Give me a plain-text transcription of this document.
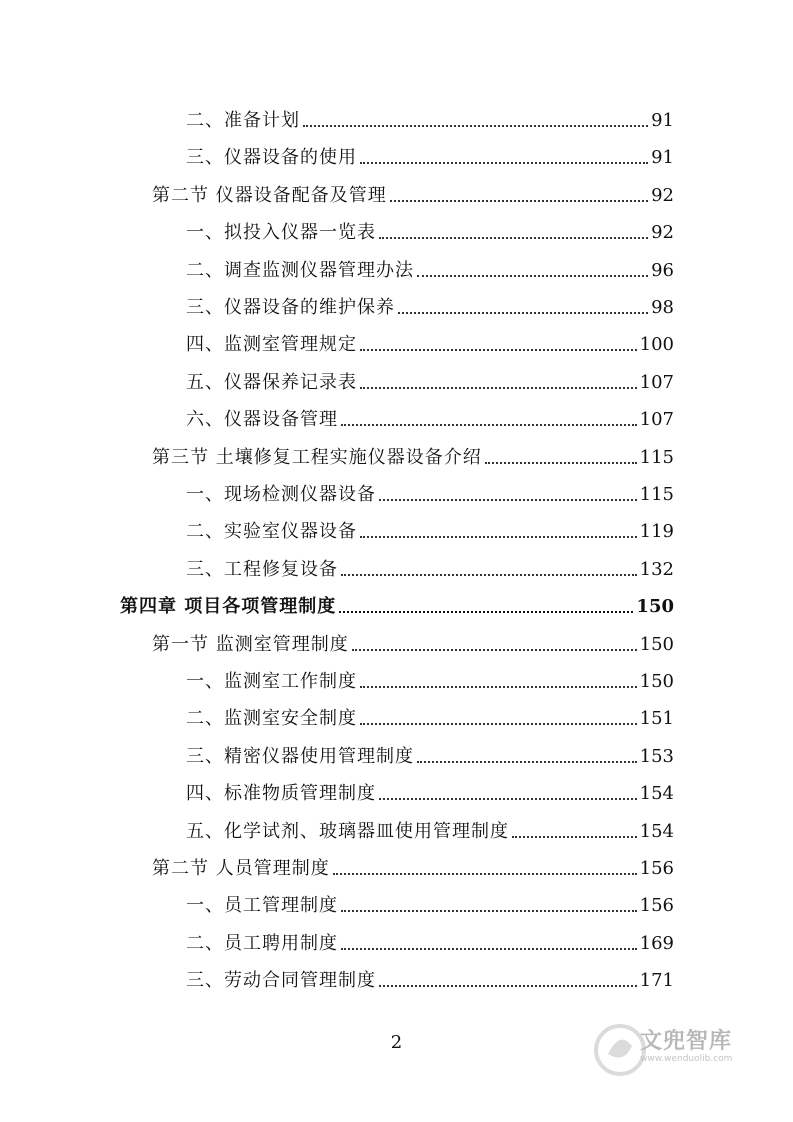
二、准备计划	91
三、仪器设备的使用	91
第二节 仪器设备配备及管理	92
一、拟投入仪器一览表	92
二、调查监测仪器管理办法	96
三、仪器设备的维护保养	98
四、监测室管理规定	100
五、仪器保养记录表	107
六、仪器设备管理	107
第三节 土壤修复工程实施仪器设备介绍	115
一、现场检测仪器设备	115
二、实验室仪器设备	119
三、工程修复设备	132
第四章 项目各项管理制度	150
第一节 监测室管理制度	150
一、监测室工作制度	150
二、监测室安全制度	151
三、精密仪器使用管理制度	153
四、标准物质管理制度	154
五、化学试剂、玻璃器皿使用管理制度	154
第二节 人员管理制度	156
一、员工管理制度	156
二、员工聘用制度	169
三、劳动合同管理制度	171
2	文兜智库
www.wenduolib.com
